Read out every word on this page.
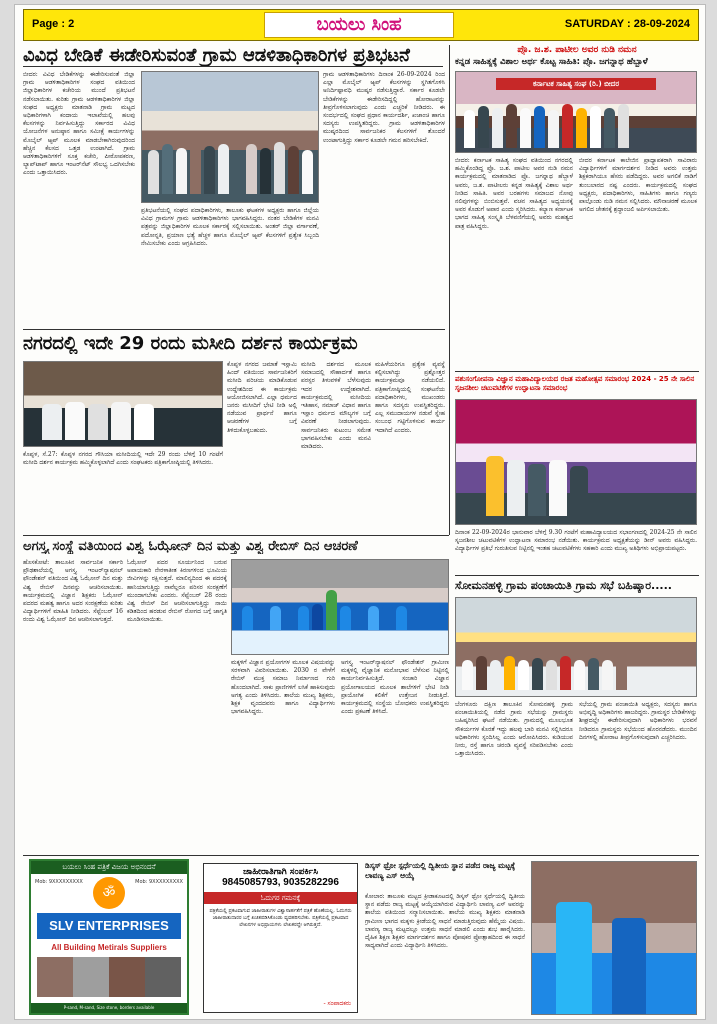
Page : 2	ಬಯಲು ಸಿಂಹ	SATURDAY : 28-09-2024
ವಿವಿಧ ಬೇಡಿಕೆ ಈಡೇರಿಸುವಂತೆ ಗ್ರಾಮ ಆಡಳಿತಾಧಿಕಾರಿಗಳ ಪ್ರತಿಭಟನೆ
ಬೀದರ: ವಿವಿಧ ಬೇಡಿಕೆಗಳನ್ನು ಈಡೇರಿಸುವಂತೆ ಜಿಲ್ಲಾ ಗ್ರಾಮ ಆಡಳಿತಾಧಿಕಾರಿಗಳ ಸಂಘದ ವತಿಯಿಂದ ಜಿಲ್ಲಾಧಿಕಾರಿಗಳ ಕಚೇರಿಯ ಮುಂದೆ ಪ್ರತಿಭಟನೆ ನಡೆಸಲಾಯಿತು. ಕುರಿತು ಗ್ರಾಮ ಆಡಳಿತಾಧಿಕಾರಿಗಳ ಜಿಲ್ಲಾ ಸಂಘದ ಅಧ್ಯಕ್ಷರು ಮಾತನಾಡಿ ಗ್ರಾಮ ಮಟ್ಟದ ಅಧಿಕಾರಿಗಳಾಗಿ ಕಂದಾಯ ಇಲಾಖೆಯಲ್ಲಿ ಹಲವು ಕೆಲಸಗಳನ್ನು ನಿರ್ವಹಿಸುತ್ತಿದ್ದು ಸರ್ಕಾರದ ವಿವಿಧ ಯೋಜನೆಗಳ ಅನುಷ್ಠಾನ ಹಾಗೂ ಸಮೀಕ್ಷೆ ಕಾರ್ಯಗಳನ್ನು ಮೊಬೈಲ್ ಆ್ಯಪ್ ಮೂಲಕ ಮಾಡಬೇಕಾಗಿರುವುದರಿಂದ ಹೆಚ್ಚಿನ ಕೆಲಸದ ಒತ್ತಡ ಉಂಟಾಗಿದೆ. ಗ್ರಾಮ ಆಡಳಿತಾಧಿಕಾರಿಗಳಿಗೆ ಸೂಕ್ತ ಕಚೇರಿ, ಪೀಠೋಪಕರಣ, ಲ್ಯಾಪ್‌ಟಾಪ್ ಹಾಗೂ ಇಂಟರ್‌ನೆಟ್ ಸೌಲಭ್ಯ ಒದಗಿಸಬೇಕು ಎಂದು ಒತ್ತಾಯಿಸಿದರು.
ಪ್ರತಿಭಟನೆಯಲ್ಲಿ ಸಂಘದ ಪದಾಧಿಕಾರಿಗಳು, ತಾಲೂಕು ಘಟಕಗಳ ಅಧ್ಯಕ್ಷರು ಹಾಗೂ ಜಿಲ್ಲೆಯ ವಿವಿಧ ಗ್ರಾಮಗಳ ಗ್ರಾಮ ಆಡಳಿತಾಧಿಕಾರಿಗಳು ಭಾಗವಹಿಸಿದ್ದರು. ನಂತರ ಬೇಡಿಕೆಗಳ ಮನವಿ ಪತ್ರವನ್ನು ಜಿಲ್ಲಾಧಿಕಾರಿಗಳ ಮೂಲಕ ಸರ್ಕಾರಕ್ಕೆ ಸಲ್ಲಿಸಲಾಯಿತು. ಅಂತರ್ ಜಿಲ್ಲಾ ವರ್ಗಾವಣೆ, ಪದೋನ್ನತಿ, ಪ್ರಯಾಣ ಭತ್ಯೆ ಹೆಚ್ಚಳ ಹಾಗೂ ಮೊಬೈಲ್ ಆ್ಯಪ್ ಕೆಲಸಗಳಿಗೆ ಪ್ರತ್ಯೇಕ ಸಿಬ್ಬಂದಿ ನೇಮಿಸಬೇಕು ಎಂದು ಆಗ್ರಹಿಸಿದರು.
ಗ್ರಾಮ ಆಡಳಿತಾಧಿಕಾರಿಗಳು ದಿನಾಂಕ 26-09-2024 ರಿಂದ ಎಲ್ಲಾ ಮೊಬೈಲ್ ಆ್ಯಪ್ ಕೆಲಸಗಳನ್ನು ಸ್ಥಗಿತಗೊಳಿಸಿ ಅನಿರ್ದಿಷ್ಟಾವಧಿ ಮುಷ್ಕರ ನಡೆಸುತ್ತಿದ್ದಾರೆ. ಸರ್ಕಾರ ಕೂಡಲೇ ಬೇಡಿಕೆಗಳನ್ನು ಈಡೇರಿಸದಿದ್ದಲ್ಲಿ ಹೋರಾಟವನ್ನು ತೀವ್ರಗೊಳಿಸಲಾಗುವುದು ಎಂದು ಎಚ್ಚರಿಕೆ ನೀಡಿದರು. ಈ ಸಂದರ್ಭದಲ್ಲಿ ಸಂಘದ ಪ್ರಧಾನ ಕಾರ್ಯದರ್ಶಿ, ಖಜಾಂಚಿ ಹಾಗೂ ಸದಸ್ಯರು ಉಪಸ್ಥಿತರಿದ್ದರು. ಗ್ರಾಮ ಆಡಳಿತಾಧಿಕಾರಿಗಳ ಮುಷ್ಕರದಿಂದ ಸಾರ್ವಜನಿಕರ ಕೆಲಸಗಳಿಗೆ ತೊಂದರೆ ಉಂಟಾಗುತ್ತಿದ್ದು ಸರ್ಕಾರ ಕೂಡಲೇ ಗಮನ ಹರಿಸಬೇಕಿದೆ.
ಪ್ರೊ. ಜ.ಶ. ಪಾಟೀಲ ಅವರ ನುಡಿ ನಮನ
ಕನ್ನಡ ಸಾಹಿತ್ಯಕ್ಕೆ ವಿಶಾಲ ಅರ್ಥ ಕೊಟ್ಟ ಸಾಹಿತಿ: ಪ್ರೊ. ಜಗನ್ನಾಥ ಹೆಬ್ಬಾಳೆ
ಕರ್ನಾಟಕ ಸಾಹಿತ್ಯ ಸಂಘ (ರಿ.) ಬೀದರ
ಬೀದರ: ಕರ್ನಾಟಕ ಸಾಹಿತ್ಯ ಸಂಘದ ವತಿಯಿಂದ ನಗರದಲ್ಲಿ ಹಮ್ಮಿಕೊಂಡಿದ್ದ ಪ್ರೊ. ಜ.ಶ. ಪಾಟೀಲ ಅವರ ನುಡಿ ನಮನ ಕಾರ್ಯಕ್ರಮದಲ್ಲಿ ಮಾತನಾಡಿದ ಪ್ರೊ. ಜಗನ್ನಾಥ ಹೆಬ್ಬಾಳೆ ಅವರು, ಜ.ಶ. ಪಾಟೀಲರು ಕನ್ನಡ ಸಾಹಿತ್ಯಕ್ಕೆ ವಿಶಾಲ ಅರ್ಥ ನೀಡಿದ ಸಾಹಿತಿ. ಅವರ ಬರಹಗಳು ಸಮಾಜದ ನೋವು ನಲಿವುಗಳನ್ನು ಬಿಂಬಿಸುತ್ತವೆ. ವಚನ ಸಾಹಿತ್ಯದ ಅಧ್ಯಯನಕ್ಕೆ ಅವರ ಕೊಡುಗೆ ಅಪಾರ ಎಂದು ಸ್ಮರಿಸಿದರು. ಕಲ್ಯಾಣ ಕರ್ನಾಟಕ ಭಾಗದ ಸಾಹಿತ್ಯ ಸಂಸ್ಕೃತಿ ಬೆಳವಣಿಗೆಯಲ್ಲಿ ಅವರು ಮಹತ್ವದ ಪಾತ್ರ ವಹಿಸಿದ್ದರು.
ಬೀದರ ಕರ್ನಾಟಕ ಕಾಲೇಜಿನ ಪ್ರಾಧ್ಯಾಪಕರಾಗಿ ಸಾವಿರಾರು ವಿದ್ಯಾರ್ಥಿಗಳಿಗೆ ಮಾರ್ಗದರ್ಶನ ನೀಡಿದ ಅವರು ಉತ್ತಮ ಶಿಕ್ಷಕರಾಗಿಯೂ ಹೆಸರು ಪಡೆದಿದ್ದರು. ಅವರ ಅಗಲಿಕೆ ನಾಡಿಗೆ ತುಂಬಲಾರದ ನಷ್ಟ ಎಂದರು. ಕಾರ್ಯಕ್ರಮದಲ್ಲಿ ಸಂಘದ ಅಧ್ಯಕ್ಷರು, ಪದಾಧಿಕಾರಿಗಳು, ಸಾಹಿತಿಗಳು ಹಾಗೂ ಗಣ್ಯರು ಪಾಲ್ಗೊಂಡು ನುಡಿ ನಮನ ಸಲ್ಲಿಸಿದರು. ಮೌನಾಚರಣೆ ಮೂಲಕ ಅಗಲಿದ ಚೇತನಕ್ಕೆ ಶ್ರದ್ಧಾಂಜಲಿ ಅರ್ಪಿಸಲಾಯಿತು.
ನಗರದಲ್ಲಿ ಇದೇ 29 ರಂದು ಮಸೀದಿ ದರ್ಶನ ಕಾರ್ಯಕ್ರಮ
ಕೊಪ್ಪಳ, ಸೆ.27: ಕೊಪ್ಪಳ ನಗರದ ಗೌಸಿಯಾ ಮಸೀದಿಯಲ್ಲಿ ಇದೇ 29 ರಂದು ಬೆಳಿಗ್ಗೆ 10 ಗಂಟೆಗೆ ಮಸೀದಿ ದರ್ಶನ ಕಾರ್ಯಕ್ರಮ ಹಮ್ಮಿಕೊಳ್ಳಲಾಗಿದೆ ಎಂದು ಸಂಘಟಕರು ಪತ್ರಿಕಾಗೋಷ್ಠಿಯಲ್ಲಿ ತಿಳಿಸಿದರು.
ಕೊಪ್ಪಳ ನಗರದ ಜಮಾತೆ ಇಸ್ಲಾಮಿ ಹಿಂದ್ ವತಿಯಿಂದ ಸಾರ್ವಜನಿಕರಿಗೆ ಮಸೀದಿ ಪರಿಚಯ ಮಾಡಿಕೊಡುವ ಉದ್ದೇಶದಿಂದ ಈ ಕಾರ್ಯಕ್ರಮ ಆಯೋಜಿಸಲಾಗಿದೆ. ಎಲ್ಲಾ ಧರ್ಮದ ಜನರು ಮಸೀದಿಗೆ ಭೇಟಿ ನೀಡಿ ಅಲ್ಲಿ ನಡೆಯುವ ಪ್ರಾರ್ಥನೆ ಹಾಗೂ ಆಚರಣೆಗಳ ಬಗ್ಗೆ ತಿಳಿದುಕೊಳ್ಳಬಹುದು.
ಮಸೀದಿ ದರ್ಶನದ ಮೂಲಕ ಸಮಾಜದಲ್ಲಿ ಸೌಹಾರ್ದತೆ ಹಾಗೂ ಪರಸ್ಪರ ತಿಳುವಳಿಕೆ ಬೆಳೆಸುವುದು ಇದರ ಉದ್ದೇಶವಾಗಿದೆ. ಕಾರ್ಯಕ್ರಮದಲ್ಲಿ ಮಸೀದಿಯ ಇತಿಹಾಸ, ನಮಾಜ್ ವಿಧಾನ ಹಾಗೂ ಇಸ್ಲಾಂ ಧರ್ಮದ ಮೌಲ್ಯಗಳ ಬಗ್ಗೆ ವಿವರಣೆ ನೀಡಲಾಗುವುದು. ಸಾರ್ವಜನಿಕರು ಕುಟುಂಬ ಸಮೇತ ಭಾಗವಹಿಸಬೇಕು ಎಂದು ಮನವಿ ಮಾಡಿದರು.
ಮಹಿಳೆಯರಿಗೂ ಪ್ರತ್ಯೇಕ ವ್ಯವಸ್ಥೆ ಕಲ್ಪಿಸಲಾಗಿದ್ದು ಪ್ರಶ್ನೋತ್ತರ ಕಾರ್ಯಕ್ರಮವೂ ನಡೆಯಲಿದೆ. ಪತ್ರಿಕಾಗೋಷ್ಠಿಯಲ್ಲಿ ಸಂಘಟನೆಯ ಪದಾಧಿಕಾರಿಗಳು, ಮುಖಂಡರು ಹಾಗೂ ಸದಸ್ಯರು ಉಪಸ್ಥಿತರಿದ್ದರು. ಎಲ್ಲ ಸಮುದಾಯಗಳ ನಡುವೆ ಸ್ನೇಹ ಸಂಬಂಧ ಗಟ್ಟಿಗೊಳಿಸುವ ಕಾರ್ಯ ಇದಾಗಿದೆ ಎಂದರು.
ಪಶುಸಂಗೋಪನಾ ವಿಜ್ಞಾನ ಮಹಾವಿದ್ಯಾಲಯದ ರಜತ ಮಹೋತ್ಸವ ಸಮಾರಂಭ 2024 - 25 ನೇ ಸಾಲಿನ ಸೃಜನಶೀಲ ಚಟುವಟಿಕೆಗಳ ಉದ್ಘಾಟನಾ ಸಮಾರಂಭ
ದಿನಾಂಕ 22-09-2024ರ ಭಾನುವಾರ ಬೆಳಿಗ್ಗೆ 9.30 ಗಂಟೆಗೆ ಮಹಾವಿದ್ಯಾಲಯದ ಸಭಾಂಗಣದಲ್ಲಿ 2024-25 ನೇ ಸಾಲಿನ ಸೃಜನಶೀಲ ಚಟುವಟಿಕೆಗಳ ಉದ್ಘಾಟನಾ ಸಮಾರಂಭ ನಡೆಯಿತು. ಕಾರ್ಯಕ್ರಮದ ಅಧ್ಯಕ್ಷತೆಯನ್ನು ಡೀನ್ ಅವರು ವಹಿಸಿದ್ದರು. ವಿದ್ಯಾರ್ಥಿಗಳ ಪ್ರತಿಭೆ ಗುರುತಿಸುವ ನಿಟ್ಟಿನಲ್ಲಿ ಇಂತಹ ಚಟುವಟಿಕೆಗಳು ಸಹಕಾರಿ ಎಂದು ಮುಖ್ಯ ಅತಿಥಿಗಳು ಅಭಿಪ್ರಾಯಪಟ್ಟರು.
ಅಗಸ್ತ್ಯ ಸಂಸ್ಥೆ ವತಿಯಿಂದ ವಿಶ್ವ ಓಝೋನ್ ದಿನ ಮತ್ತು ವಿಶ್ವ ರೇಬಿಸ್ ದಿನ ಆಚರಣೆ
ಹೊಸಕೋಟೆ: ತಾಲೂಕಿನ ಸಾರ್ವಜನಿಕ ಸರ್ಕಾರಿ ಪ್ರೌಢಶಾಲೆಯಲ್ಲಿ ಅಗಸ್ತ್ಯ ಇಂಟರ್‌ನ್ಯಾಷನಲ್ ಫೌಂಡೇಶನ್ ವತಿಯಿಂದ ವಿಶ್ವ ಓಝೋನ್ ದಿನ ಮತ್ತು ವಿಶ್ವ ರೇಬಿಸ್ ದಿನವನ್ನು ಆಚರಿಸಲಾಯಿತು. ಕಾರ್ಯಕ್ರಮದಲ್ಲಿ ವಿಜ್ಞಾನ ಶಿಕ್ಷಕರು ಓಝೋನ್ ಪದರದ ಮಹತ್ವ ಹಾಗೂ ಅದರ ಸಂರಕ್ಷಣೆಯ ಕುರಿತು ವಿದ್ಯಾರ್ಥಿಗಳಿಗೆ ಮಾಹಿತಿ ನೀಡಿದರು. ಸೆಪ್ಟೆಂಬರ್ 16 ರಂದು ವಿಶ್ವ ಓಝೋನ್ ದಿನ ಆಚರಿಸಲಾಗುತ್ತದೆ.
ಓಝೋನ್ ಪದರ ಸೂರ್ಯನಿಂದ ಬರುವ ಅಪಾಯಕಾರಿ ನೇರಳಾತೀತ ಕಿರಣಗಳಿಂದ ಭೂಮಿಯ ಜೀವಿಗಳನ್ನು ರಕ್ಷಿಸುತ್ತದೆ. ಮಾಲಿನ್ಯದಿಂದ ಈ ಪದರಕ್ಕೆ ಹಾನಿಯಾಗುತ್ತಿದ್ದು ನಾವೆಲ್ಲರೂ ಪರಿಸರ ಸಂರಕ್ಷಣೆಗೆ ಮುಂದಾಗಬೇಕು ಎಂದರು. ಸೆಪ್ಟೆಂಬರ್ 28 ರಂದು ವಿಶ್ವ ರೇಬಿಸ್ ದಿನ ಆಚರಿಸಲಾಗುತ್ತಿದ್ದು ನಾಯಿ ಕಡಿತದಿಂದ ಹರಡುವ ರೇಬಿಸ್ ರೋಗದ ಬಗ್ಗೆ ಜಾಗೃತಿ ಮೂಡಿಸಲಾಯಿತು.
ಮಕ್ಕಳಿಗೆ ವಿಜ್ಞಾನ ಪ್ರಯೋಗಗಳ ಮೂಲಕ ವಿಷಯವನ್ನು ಸರಳವಾಗಿ ವಿವರಿಸಲಾಯಿತು. 2030 ರ ವೇಳೆಗೆ ರೇಬಿಸ್ ಮುಕ್ತ ಸಮಾಜ ನಿರ್ಮಾಣದ ಗುರಿ ಹೊಂದಲಾಗಿದೆ. ಸಾಕು ಪ್ರಾಣಿಗಳಿಗೆ ಲಸಿಕೆ ಹಾಕಿಸುವುದು ಅಗತ್ಯ ಎಂದು ತಿಳಿಸಿದರು. ಶಾಲೆಯ ಮುಖ್ಯ ಶಿಕ್ಷಕರು, ಶಿಕ್ಷಕ ವೃಂದದವರು ಹಾಗೂ ವಿದ್ಯಾರ್ಥಿಗಳು ಭಾಗವಹಿಸಿದ್ದರು.
ಅಗಸ್ತ್ಯ ಇಂಟರ್‌ನ್ಯಾಷನಲ್ ಫೌಂಡೇಶನ್ ಗ್ರಾಮೀಣ ಮಕ್ಕಳಲ್ಲಿ ವೈಜ್ಞಾನಿಕ ಮನೋಭಾವ ಬೆಳೆಸುವ ನಿಟ್ಟಿನಲ್ಲಿ ಕಾರ್ಯನಿರ್ವಹಿಸುತ್ತಿದೆ. ಸಂಚಾರಿ ವಿಜ್ಞಾನ ಪ್ರಯೋಗಾಲಯದ ಮೂಲಕ ಶಾಲೆಗಳಿಗೆ ಭೇಟಿ ನೀಡಿ ಪ್ರಾಯೋಗಿಕ ಕಲಿಕೆಗೆ ಉತ್ತೇಜನ ನೀಡುತ್ತಿದೆ. ಕಾರ್ಯಕ್ರಮದಲ್ಲಿ ಸಂಸ್ಥೆಯ ಬೋಧಕರು ಉಪಸ್ಥಿತರಿದ್ದರು ಎಂದು ಪ್ರಕಟಣೆ ತಿಳಿಸಿದೆ.
ಸೋಮನಹಳ್ಳಿ ಗ್ರಾಮ ಪಂಚಾಯಿತಿ ಗ್ರಾಮ ಸಭೆ ಬಹಿಷ್ಕಾರ.....
ಬೆಂಗಳೂರು ದಕ್ಷಿಣ ತಾಲೂಕಿನ ಸೋಮನಹಳ್ಳಿ ಗ್ರಾಮ ಪಂಚಾಯಿತಿಯಲ್ಲಿ ನಡೆದ ಗ್ರಾಮ ಸಭೆಯನ್ನು ಗ್ರಾಮಸ್ಥರು ಬಹಿಷ್ಕರಿಸಿದ ಘಟನೆ ನಡೆಯಿತು. ಗ್ರಾಮದಲ್ಲಿ ಮೂಲಭೂತ ಸೌಕರ್ಯಗಳ ಕೊರತೆ ಇದ್ದು ಹಲವು ಬಾರಿ ಮನವಿ ಸಲ್ಲಿಸಿದರೂ ಅಧಿಕಾರಿಗಳು ಸ್ಪಂದಿಸಿಲ್ಲ ಎಂದು ಆರೋಪಿಸಿದರು. ಕುಡಿಯುವ ನೀರು, ರಸ್ತೆ ಹಾಗೂ ಚರಂಡಿ ವ್ಯವಸ್ಥೆ ಸರಿಪಡಿಸಬೇಕು ಎಂದು ಒತ್ತಾಯಿಸಿದರು.
ಸಭೆಯಲ್ಲಿ ಗ್ರಾಮ ಪಂಚಾಯಿತಿ ಅಧ್ಯಕ್ಷರು, ಸದಸ್ಯರು ಹಾಗೂ ಅಭಿವೃದ್ಧಿ ಅಧಿಕಾರಿಗಳು ಹಾಜರಿದ್ದರು. ಗ್ರಾಮಸ್ಥರ ಬೇಡಿಕೆಗಳನ್ನು ಶೀಘ್ರದಲ್ಲೇ ಈಡೇರಿಸುವುದಾಗಿ ಅಧಿಕಾರಿಗಳು ಭರವಸೆ ನೀಡಿದರೂ ಗ್ರಾಮಸ್ಥರು ಸಭೆಯಿಂದ ಹೊರನಡೆದರು. ಮುಂದಿನ ದಿನಗಳಲ್ಲಿ ಹೋರಾಟ ತೀವ್ರಗೊಳಿಸುವುದಾಗಿ ಎಚ್ಚರಿಸಿದರು.
ಬಯಲು ಸಿಂಹ ಪತ್ರಿಕೆ ವಿಜಯ ಅಭಿನಂದನೆ
Mob: 9XXXXXXXXX	Mob: 9XXXXXXXXX
ॐ
SLV ENTERPRISES
All Building Metirals Suppliers
P-sand, M-sand, Size stone, borders available
ಜಾಹೀರಾತಿಗಾಗಿ ಸಂಪರ್ಕಿಸಿ
9845085793, 9035282296
ಓದುಗರ ಗಮನಕ್ಕೆ
ಪತ್ರಿಕೆಯಲ್ಲಿ ಪ್ರಕಟವಾಗುವ ಜಾಹೀರಾತುಗಳ ವಿಶ್ವಾಸಾರ್ಹತೆಗೆ ಪತ್ರಿಕೆ ಹೊಣೆಯಲ್ಲ. ಓದುಗರು ಜಾಹೀರಾತುದಾರರ ಬಗ್ಗೆ ಖಚಿತಪಡಿಸಿಕೊಂಡು ವ್ಯವಹರಿಸಬೇಕು. ಪತ್ರಿಕೆಯಲ್ಲಿ ಪ್ರಕಟವಾದ ಲೇಖನಗಳ ಅಭಿಪ್ರಾಯಗಳು ಲೇಖಕರದ್ದೇ ಆಗಿರುತ್ತದೆ.
- ಸಂಪಾದಕರು
ಡಿಸ್ಕಸ್ ಥ್ರೋ ಸ್ಪರ್ಧೆಯಲ್ಲಿ ದ್ವಿತೀಯ ಸ್ಥಾನ ಪಡೆದ ರಾಜ್ಯ ಮಟ್ಟಕ್ಕೆ ಲಾವಣ್ಯ ಎಸ್ ಆಯ್ಕೆ
ಕೋಲಾರ: ತಾಲೂಕು ಮಟ್ಟದ ಕ್ರೀಡಾಕೂಟದಲ್ಲಿ ಡಿಸ್ಕಸ್ ಥ್ರೋ ಸ್ಪರ್ಧೆಯಲ್ಲಿ ದ್ವಿತೀಯ ಸ್ಥಾನ ಪಡೆದು ರಾಜ್ಯ ಮಟ್ಟಕ್ಕೆ ಆಯ್ಕೆಯಾಗಿರುವ ವಿದ್ಯಾರ್ಥಿನಿ ಲಾವಣ್ಯ ಎಸ್ ಅವರನ್ನು ಶಾಲೆಯ ವತಿಯಿಂದ ಸನ್ಮಾನಿಸಲಾಯಿತು. ಶಾಲೆಯ ಮುಖ್ಯ ಶಿಕ್ಷಕರು ಮಾತನಾಡಿ ಗ್ರಾಮೀಣ ಭಾಗದ ಮಕ್ಕಳು ಕ್ರೀಡೆಯಲ್ಲಿ ಸಾಧನೆ ಮಾಡುತ್ತಿರುವುದು ಹೆಮ್ಮೆಯ ವಿಷಯ. ಲಾವಣ್ಯ ರಾಜ್ಯ ಮಟ್ಟದಲ್ಲೂ ಉತ್ತಮ ಸಾಧನೆ ಮಾಡಲಿ ಎಂದು ಶುಭ ಹಾರೈಸಿದರು. ದೈಹಿಕ ಶಿಕ್ಷಣ ಶಿಕ್ಷಕರ ಮಾರ್ಗದರ್ಶನ ಹಾಗೂ ಪೋಷಕರ ಪ್ರೋತ್ಸಾಹದಿಂದ ಈ ಸಾಧನೆ ಸಾಧ್ಯವಾಗಿದೆ ಎಂದು ವಿದ್ಯಾರ್ಥಿನಿ ತಿಳಿಸಿದರು.
